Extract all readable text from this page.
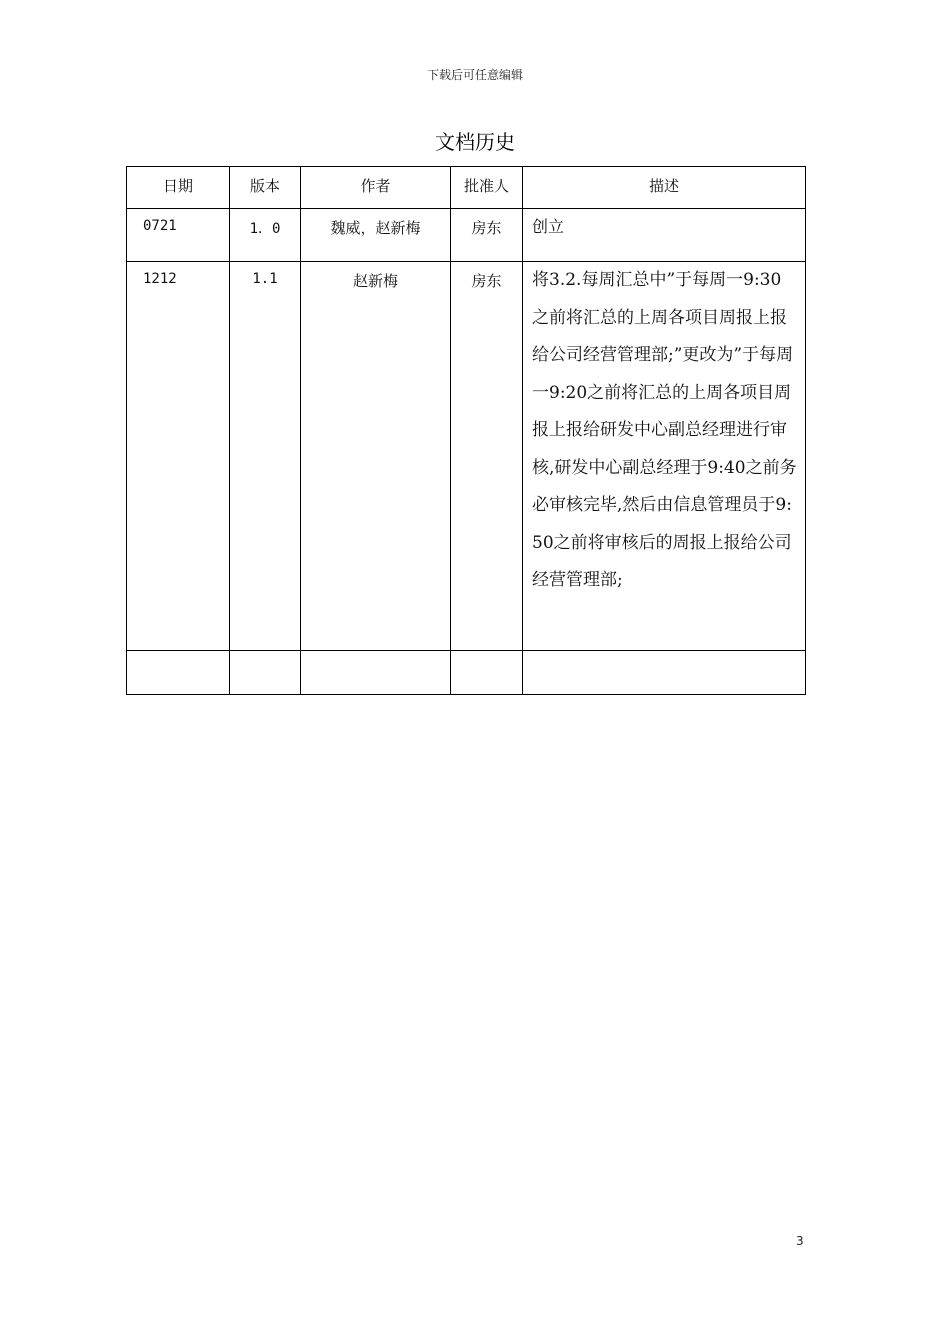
下载后可任意编辑
文档历史
日期	版本	作者	批准人	描述
0721	1．0	魏威，赵新梅	房东	创立
1212	1.1	赵新梅	房东	将3.2.每周汇总中”于每周一9:30之前将汇总的上周各项目周报上报给公司经营管理部;”更改为”于每周一9:20之前将汇总的上周各项目周报上报给研发中心副总经理进行审核,研发中心副总经理于9:40之前务必审核完毕,然后由信息管理员于9:50之前将审核后的周报上报给公司经营管理部;

3
